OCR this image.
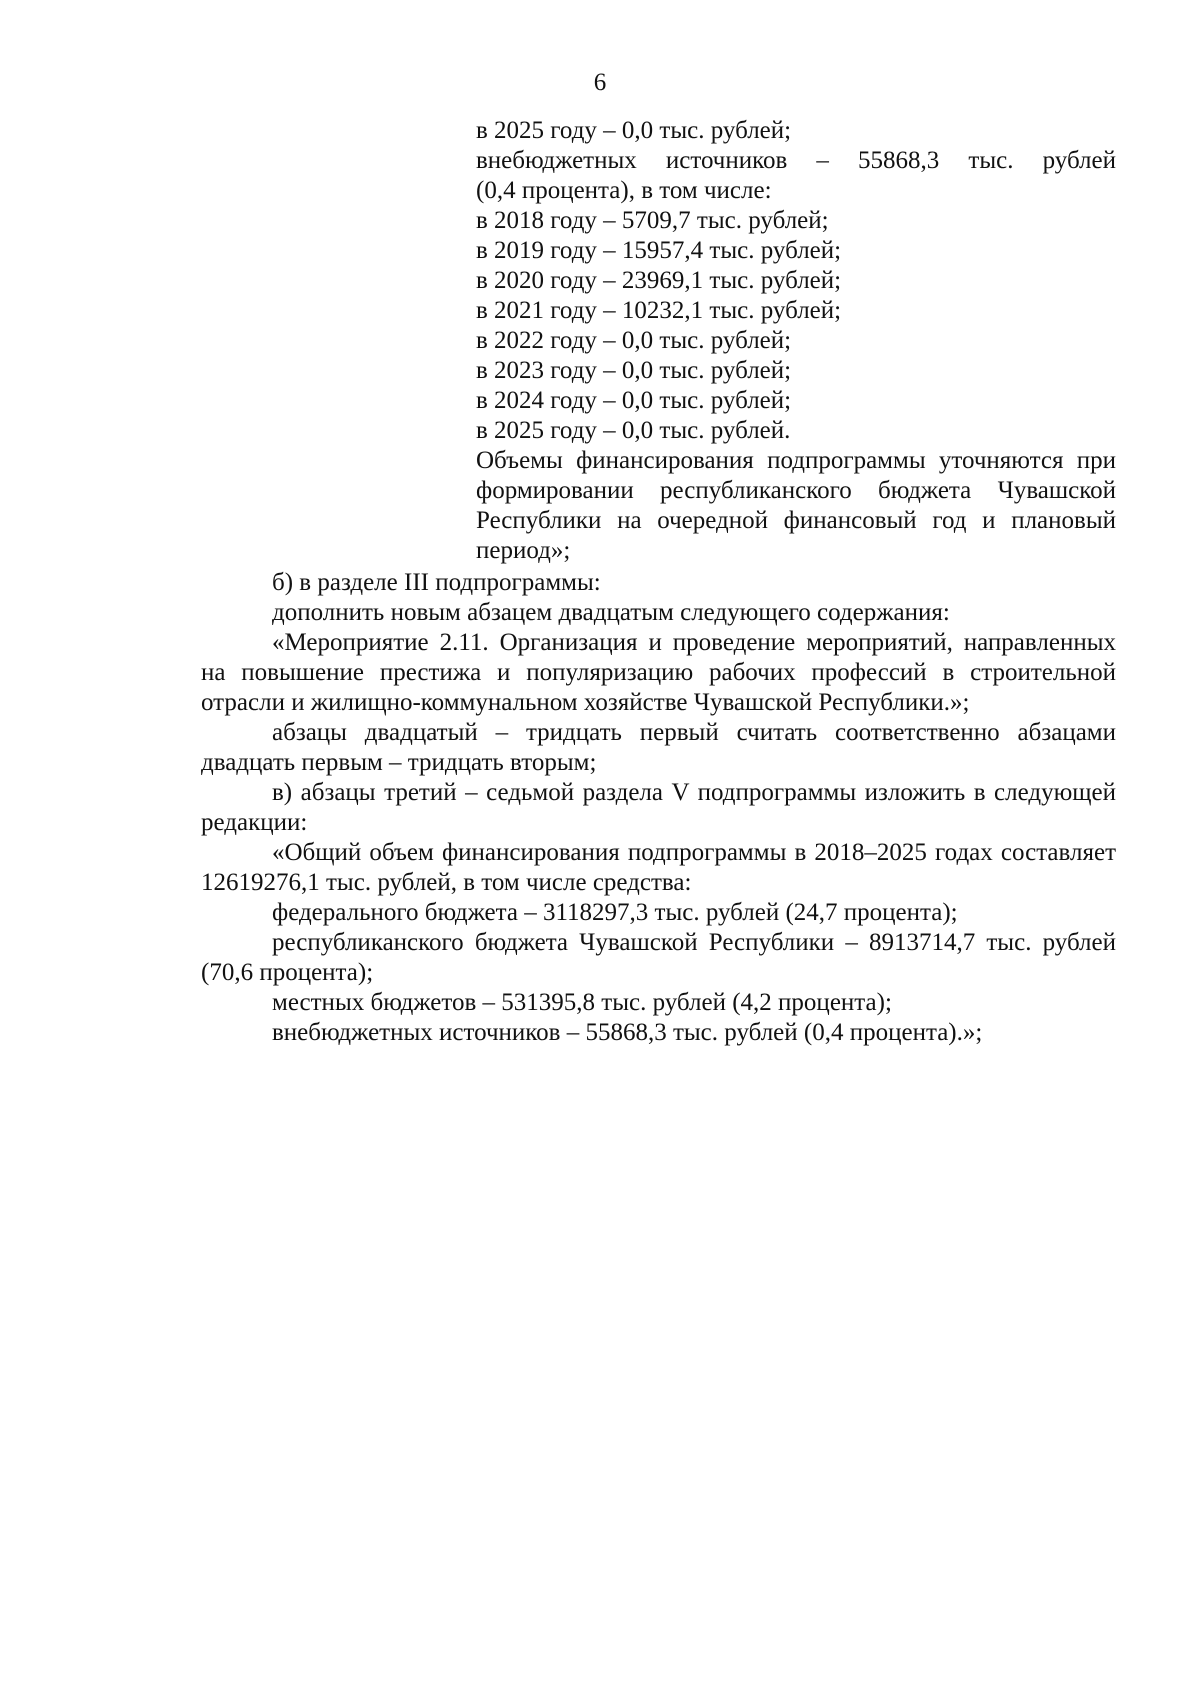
6
в 2025 году – 0,0 тыс. рублей;
внебюджетных источников – 55868,3 тыс. рублей
(0,4 процента), в том числе:
в 2018 году – 5709,7 тыс. рублей;
в 2019 году – 15957,4 тыс. рублей;
в 2020 году – 23969,1 тыс. рублей;
в 2021 году – 10232,1 тыс. рублей;
в 2022 году – 0,0 тыс. рублей;
в 2023 году – 0,0 тыс. рублей;
в 2024 году – 0,0 тыс. рублей;
в 2025 году – 0,0 тыс. рублей.
Объемы финансирования подпрограммы уточняются при формировании республиканского бюджета Чувашской Республики на очередной финансовый год и плановый период»;

б) в разделе III подпрограммы:

дополнить новым абзацем двадцатым следующего содержания:

«Мероприятие 2.11. Организация и проведение мероприятий, направленных на повышение престижа и популяризацию рабочих профессий в строительной отрасли и жилищно-коммунальном хозяйстве Чувашской Республики.»;

абзацы двадцатый – тридцать первый считать соответственно абзацами двадцать первым – тридцать вторым;

в) абзацы третий – седьмой раздела V подпрограммы изложить в следующей редакции:

«Общий объем финансирования подпрограммы в 2018–2025 годах составляет 12619276,1 тыс. рублей, в том числе средства:

федерального бюджета – 3118297,3 тыс. рублей (24,7 процента);

республиканского бюджета Чувашской Республики – 8913714,7 тыс. рублей (70,6 процента);

местных бюджетов – 531395,8 тыс. рублей (4,2 процента);

внебюджетных источников – 55868,3 тыс. рублей (0,4 процента).»;
